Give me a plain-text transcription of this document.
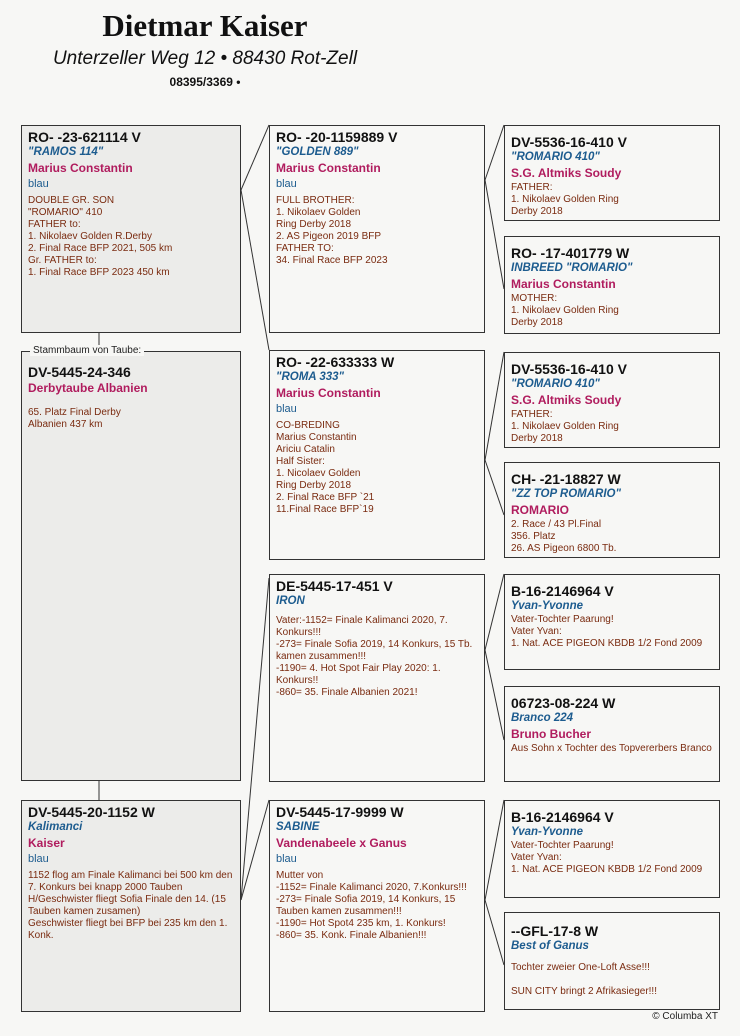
Dietmar Kaiser
Unterzeller Weg 12 • 88430 Rot-Zell
08395/3369 •
RO- -23-621114 V
"RAMOS 114"
Marius Constantin
blau
DOUBLE GR. SON
"ROMARIO" 410
FATHER to:
1. Nikolaev Golden R.Derby
2. Final Race BFP 2021, 505 km
Gr. FATHER to:
1. Final Race BFP 2023 450 km
DV-5445-24-346
Derbytaube Albanien
65. Platz Final Derby
Albanien 437 km
Stammbaum von Taube:
DV-5445-20-1152 W
Kalimanci
Kaiser
blau
1152 flog am Finale Kalimanci bei 500 km den 7. Konkurs bei knapp 2000 Tauben
H/Geschwister fliegt Sofia Finale den 14. (15 Tauben kamen zusamen)
Geschwister fliegt bei BFP bei 235 km den 1. Konk.
RO- -20-1159889 V
"GOLDEN 889"
Marius Constantin
blau
FULL BROTHER:
1. Nikolaev Golden
Ring Derby 2018
2. AS Pigeon 2019 BFP
FATHER TO:
34. Final Race BFP 2023
RO- -22-633333 W
"ROMA 333"
Marius Constantin
blau
CO-BREDING
Marius Constantin
Ariciu Catalin
Half Sister:
1. Nicolaev Golden
Ring Derby 2018
2. Final Race BFP `21
11.Final Race BFP`19
DE-5445-17-451 V
IRON
Vater:-1152= Finale Kalimanci 2020, 7. Konkurs!!!
-273= Finale Sofia 2019, 14 Konkurs, 15 Tb. kamen zusammen!!!
-1190= 4. Hot Spot Fair Play 2020: 1. Konkurs!!
-860= 35. Finale Albanien 2021!
DV-5445-17-9999 W
SABINE
Vandenabeele x Ganus
blau
Mutter von
-1152= Finale Kalimanci 2020, 7.Konkurs!!!
-273= Finale Sofia 2019, 14 Konkurs, 15 Tauben kamen zusammen!!!
-1190= Hot Spot4 235 km, 1. Konkurs!
-860= 35. Konk. Finale Albanien!!!
DV-5536-16-410 V
"ROMARIO 410"
S.G. Altmiks Soudy
FATHER:
1. Nikolaev Golden Ring
Derby 2018
RO- -17-401779 W
INBREED "ROMARIO"
Marius Constantin
MOTHER:
1. Nikolaev Golden Ring
Derby 2018
DV-5536-16-410 V
"ROMARIO 410"
S.G. Altmiks Soudy
FATHER:
1. Nikolaev Golden Ring
Derby 2018
CH- -21-18827 W
"ZZ TOP ROMARIO"
ROMARIO
2. Race / 43 Pl.Final
356. Platz
26. AS Pigeon 6800 Tb.
B-16-2146964 V
Yvan-Yvonne
Vater-Tochter Paarung!
Vater Yvan:
1. Nat. ACE PIGEON KBDB 1/2 Fond 2009
06723-08-224 W
Branco 224
Bruno Bucher
Aus Sohn x Tochter des Topvererbers Branco
B-16-2146964 V
Yvan-Yvonne
Vater-Tochter Paarung!
Vater Yvan:
1. Nat. ACE PIGEON KBDB 1/2 Fond 2009
--GFL-17-8 W
Best of Ganus
Tochter zweier One-Loft Asse!!!

SUN CITY bringt 2 Afrikasieger!!!
© Columba XT
